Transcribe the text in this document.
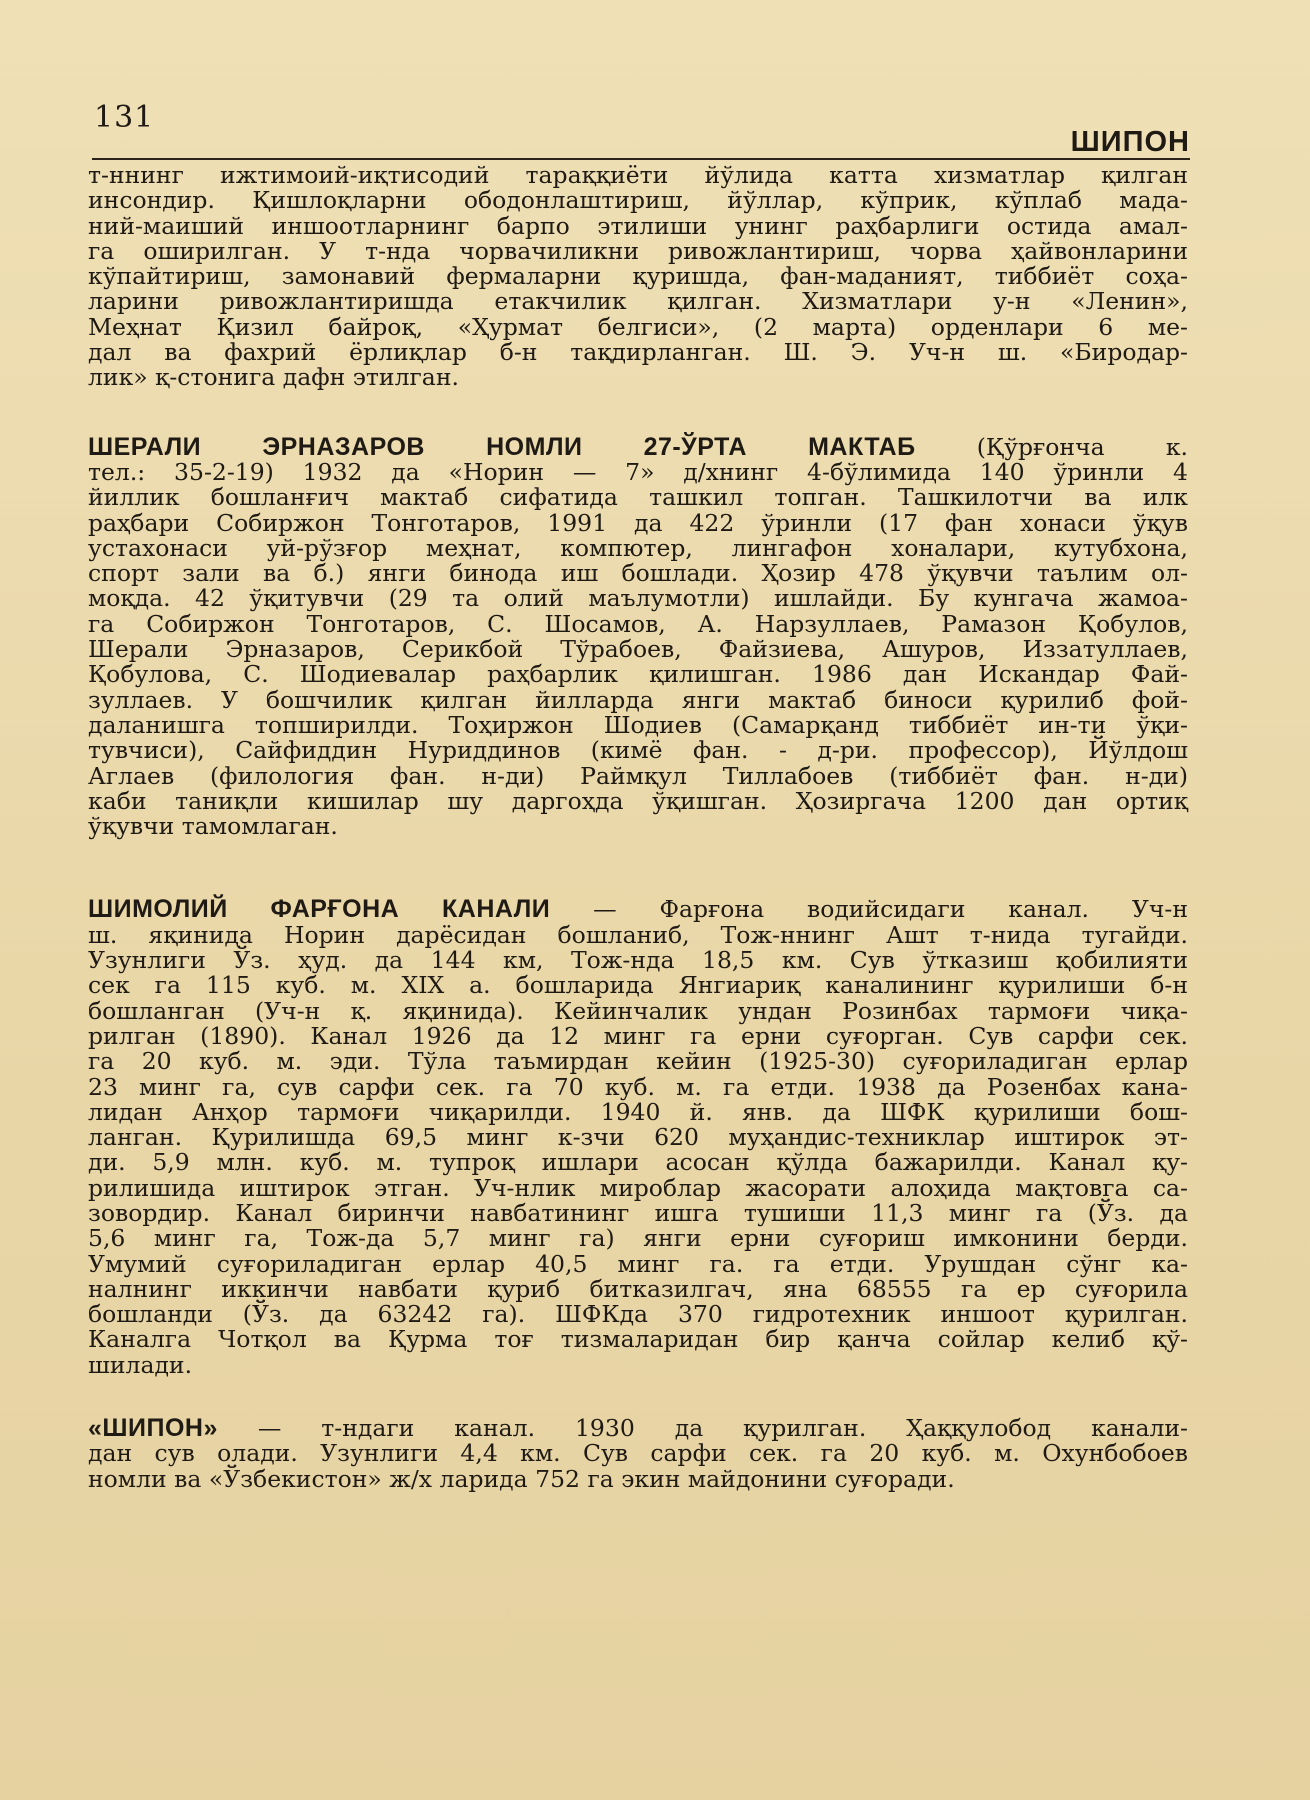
131
ШИПОН
т-ннинг ижтимоий-иқтисодий тараққиёти йўлида катта хизматлар қилган
инсондир. Қишлоқларни ободонлаштириш, йўллар, кўприк, кўплаб мада-
ний-маиший иншоотларнинг барпо этилиши унинг раҳбарлиги остида амал-
га оширилган. У т-нда чорвачиликни ривожлантириш, чорва ҳайвонларини
кўпайтириш, замонавий фермаларни қуришда, фан-маданият, тиббиёт соҳа-
ларини ривожлантиришда етакчилик қилган. Хизматлари у-н «Ленин»,
Меҳнат Қизил байроқ, «Ҳурмат белгиси», (2 марта) орденлари 6 ме-
дал ва фахрий ёрлиқлар б-н тақдирланган. Ш. Э. Уч-н ш. «Биродар-
лик» қ-стонига дафн этилган.
ШЕРАЛИ ЭРНАЗАРОВ НОМЛИ 27-ЎРТА МАКТАБ (Қўрғонча к.
тел.: 35-2-19) 1932 да «Норин — 7» д/хнинг 4-бўлимида 140 ўринли 4
йиллик бошланғич мактаб сифатида ташкил топган. Ташкилотчи ва илк
раҳбари Собиржон Тонготаров, 1991 да 422 ўринли (17 фан хонаси ўқув
устахонаси уй-рўзғор меҳнат, компютер, лингафон хоналари, кутубхона,
спорт зали ва б.) янги бинода иш бошлади. Ҳозир 478 ўқувчи таълим ол-
моқда. 42 ўқитувчи (29 та олий маълумотли) ишлайди. Бу кунгача жамоа-
га Собиржон Тонготаров, С. Шосамов, А. Нарзуллаев, Рамазон Қобулов,
Шерали Эрназаров, Серикбой Тўрабоев, Файзиева, Ашуров, Иззатуллаев,
Қобулова, С. Шодиевалар раҳбарлик қилишган. 1986 дан Искандар Фай-
зуллаев. У бошчилик қилган йилларда янги мактаб биноси қурилиб фой-
даланишга топширилди. Тоҳиржон Шодиев (Самарқанд тиббиёт ин-ти ўқи-
тувчиси), Сайфиддин Нуриддинов (кимё фан. - д-ри. профессор), Йўлдош
Аглаев (филология фан. н-ди) Раймқул Тиллабоев (тиббиёт фан. н-ди)
каби таниқли кишилар шу даргоҳда ўқишган. Ҳозиргача 1200 дан ортиқ
ўқувчи тамомлаган.
ШИМОЛИЙ ФАРҒОНА КАНАЛИ — Фарғона водийсидаги канал. Уч-н
ш. яқинида Норин дарёсидан бошланиб, Тож-ннинг Ашт т-нида тугайди.
Узунлиги Ўз. ҳуд. да 144 км, Тож-нда 18,5 км. Сув ўтказиш қобилияти
сек га 115 куб. м. XIX а. бошларида Янгиариқ каналининг қурилиши б-н
бошланган (Уч-н қ. яқинида). Кейинчалик ундан Розинбах тармоғи чиқа-
рилган (1890). Канал 1926 да 12 минг га ерни суғорган. Сув сарфи сек.
га 20 куб. м. эди. Тўла таъмирдан кейин (1925-30) суғориладиган ерлар
23 минг га, сув сарфи сек. га 70 куб. м. га етди. 1938 да Розенбах кана-
лидан Анҳор тармоғи чиқарилди. 1940 й. янв. да ШФК қурилиши бош-
ланган. Қурилишда 69,5 минг к-зчи 620 муҳандис-техниклар иштирок эт-
ди. 5,9 млн. куб. м. тупроқ ишлари асосан қўлда бажарилди. Канал қу-
рилишида иштирок этган. Уч-нлик мироблар жасорати алоҳида мақтовга са-
зовордир. Канал биринчи навбатининг ишга тушиши 11,3 минг га (Ўз. да
5,6 минг га, Тож-да 5,7 минг га) янги ерни суғориш имконини берди.
Умумий суғориладиган ерлар 40,5 минг га. га етди. Урушдан сўнг ка-
налнинг иккинчи навбати қуриб битказилгач, яна 68555 га ер суғорила
бошланди (Ўз. да 63242 га). ШФКда 370 гидротехник иншоот қурилган.
Каналга Чотқол ва Қурма тоғ тизмаларидан бир қанча сойлар келиб қў-
шилади.
«ШИПОН» — т-ндаги канал. 1930 да қурилган. Ҳаққулобод канали-
дан сув олади. Узунлиги 4,4 км. Сув сарфи сек. га 20 куб. м. Охунбобоев
номли ва «Ўзбекистон» ж/х ларида 752 га экин майдонини суғоради.
